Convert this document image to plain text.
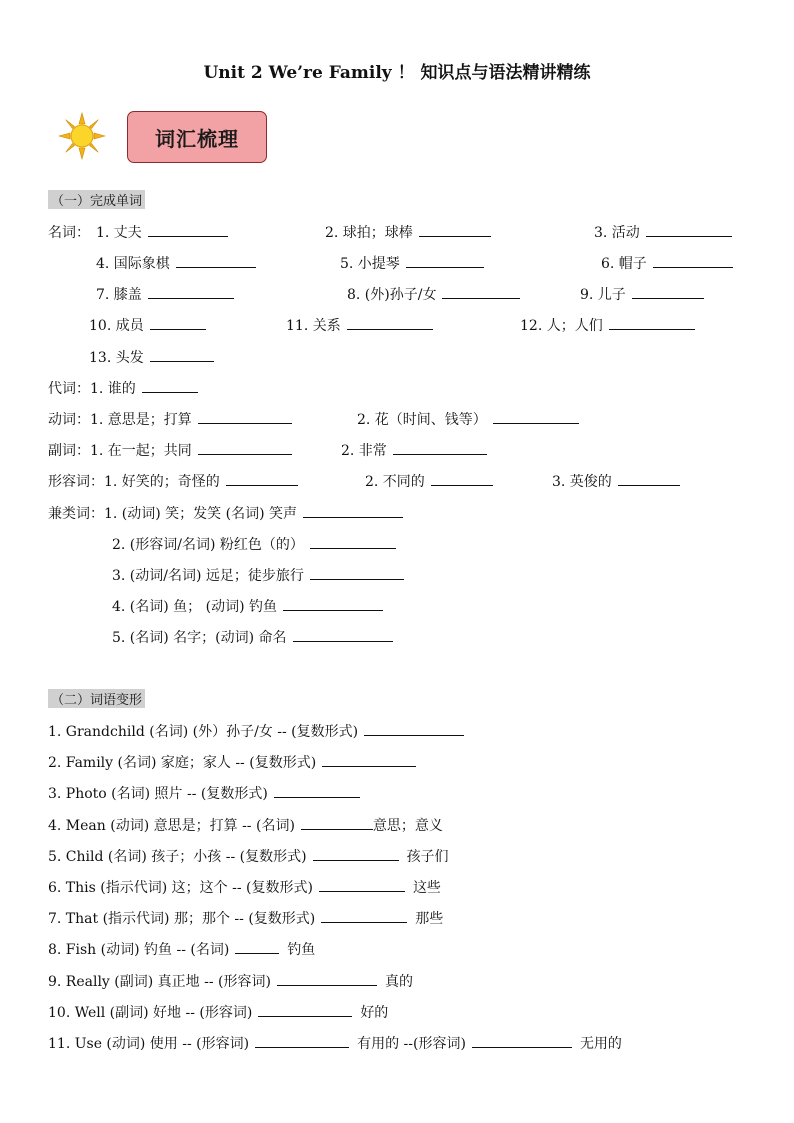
Unit 2 We’re Family ！ 知识点与语法精讲精练
词汇梳理
（一）完成单词
名词： 1. 丈夫	2. 球拍；球棒	3. 活动
4. 国际象棋	5. 小提琴	6. 帽子
7. 膝盖	8. (外)孙子/女	9. 儿子
10. 成员	11. 关系	12. 人；人们
13. 头发
代词：1. 谁的
动词：1. 意思是；打算	2. 花（时间、钱等）
副词：1. 在一起；共同	2. 非常
形容词：1. 好笑的；奇怪的	2. 不同的	3. 英俊的
兼类词：1. (动词) 笑；发笑 (名词) 笑声
2. (形容词/名词) 粉红色（的）
3. (动词/名词) 远足；徒步旅行
4. (名词) 鱼； (动词) 钓鱼
5. (名词) 名字；(动词) 命名
（二）词语变形
1. Grandchild (名词) (外）孙子/女 -- (复数形式)
2. Family (名词) 家庭；家人 -- (复数形式)
3. Photo (名词) 照片 -- (复数形式)
4. Mean (动词) 意思是；打算 -- (名词)	意思；意义
5. Child (名词) 孩子；小孩 -- (复数形式)	孩子们
6. This (指示代词) 这；这个 -- (复数形式)	这些
7. That (指示代词) 那；那个 -- (复数形式)	那些
8. Fish (动词) 钓鱼 -- (名词)	钓鱼
9. Really (副词) 真正地 -- (形容词)	真的
10. Well (副词) 好地 -- (形容词)	好的
11. Use (动词) 使用 -- (形容词)	有用的 --(形容词)	无用的
